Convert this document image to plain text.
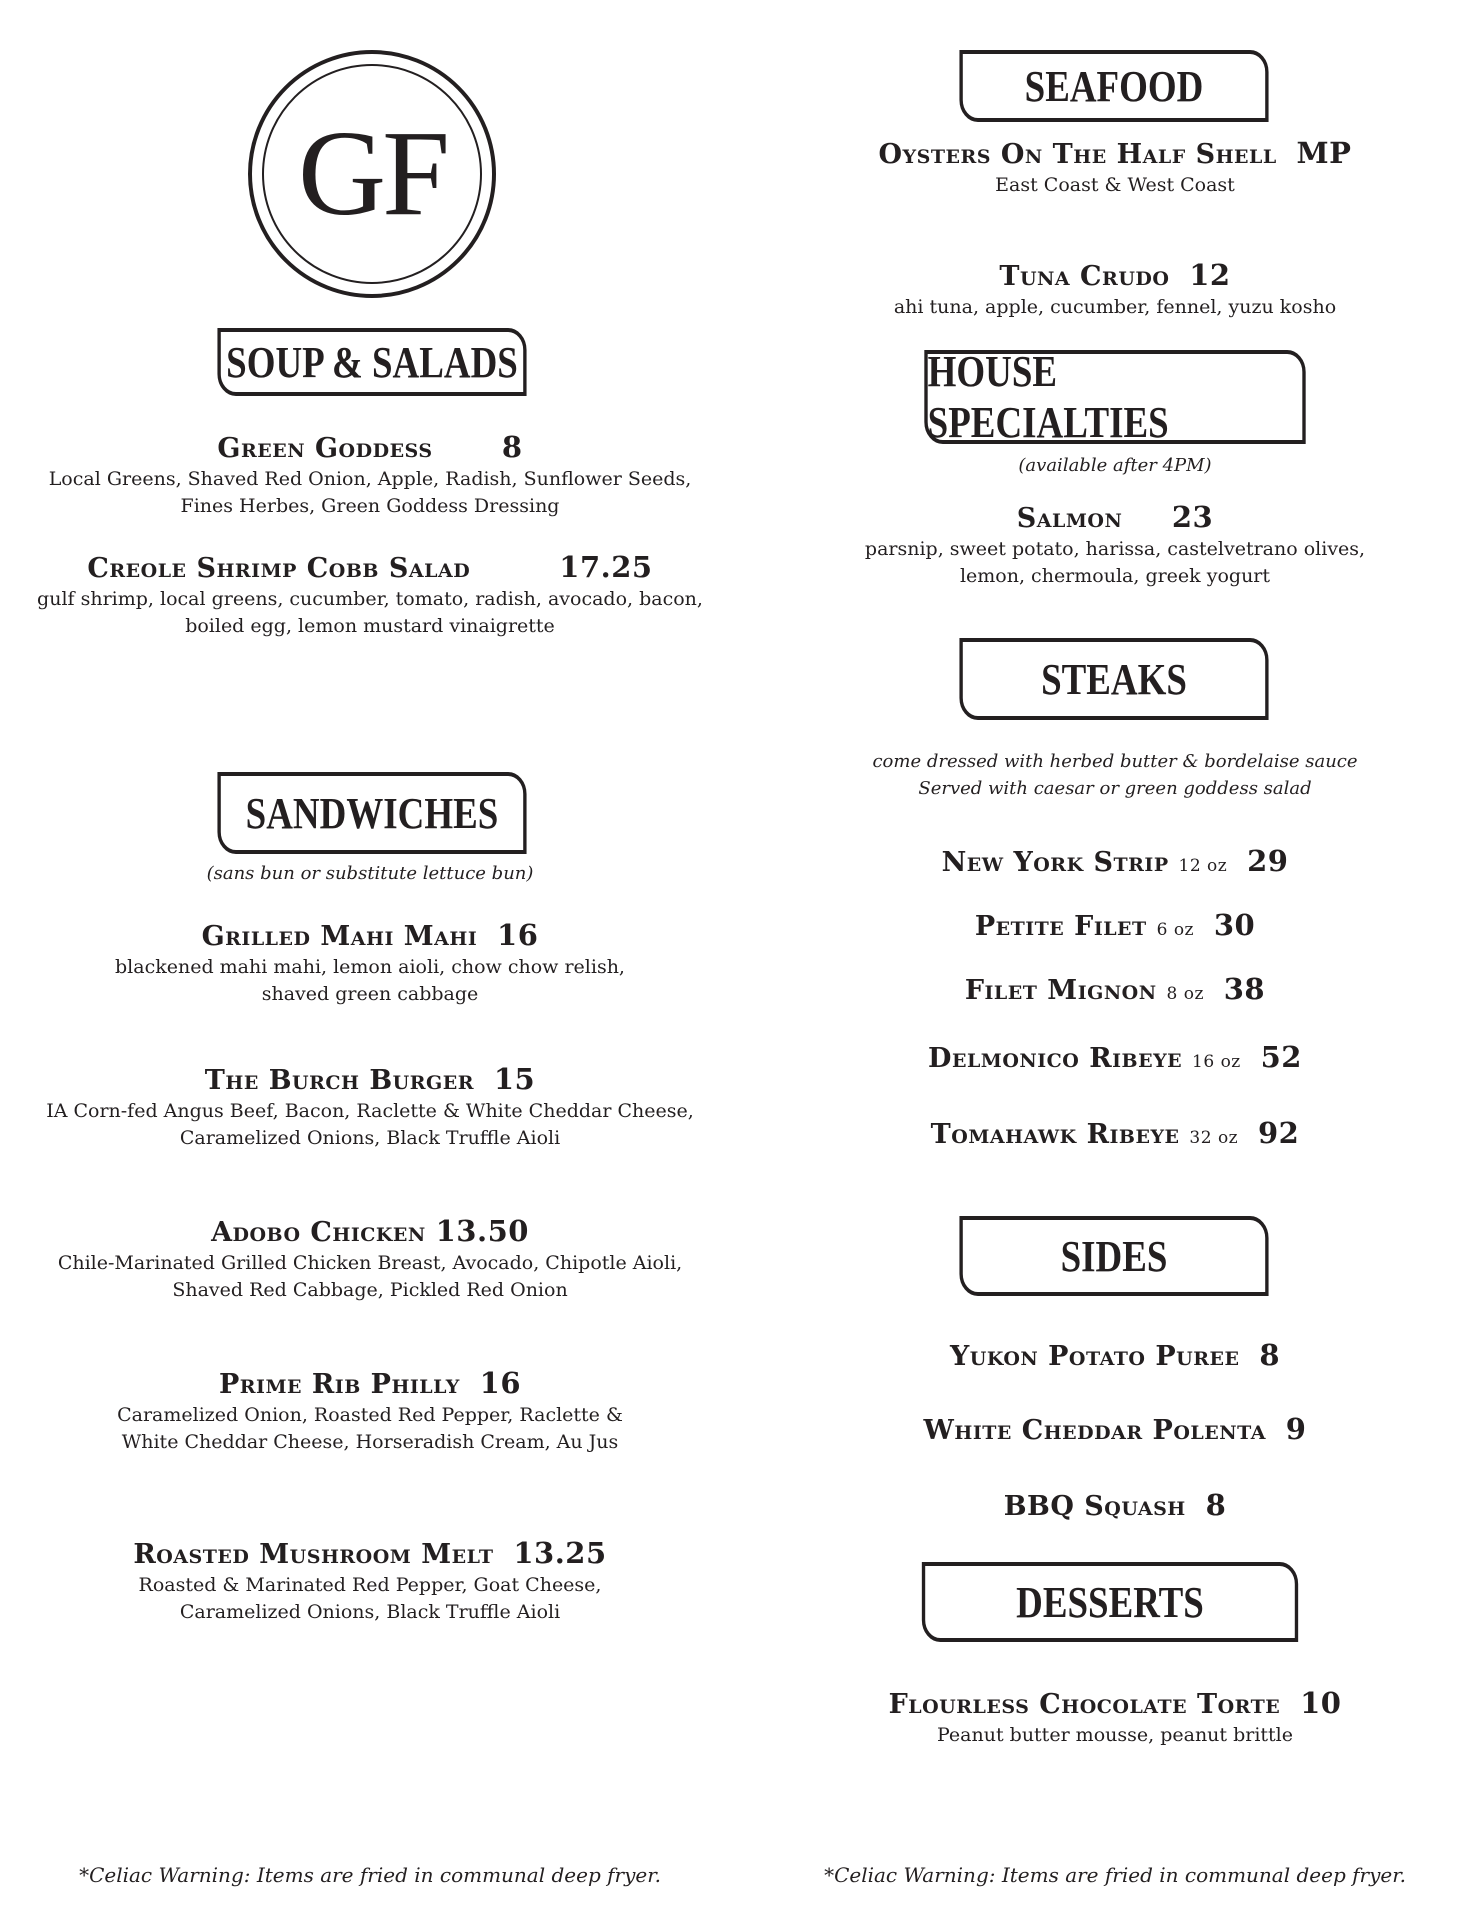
GF
SOUP & SALADS
Green Goddess 8
Local Greens, Shaved Red Onion, Apple, Radish, Sunflower Seeds,
Fines Herbes, Green Goddess Dressing
Creole Shrimp Cobb Salad	17.25
gulf shrimp, local greens, cucumber, tomato, radish, avocado, bacon,
boiled egg, lemon mustard vinaigrette
SANDWICHES
(sans bun or substitute lettuce bun)
Grilled Mahi Mahi 16
blackened mahi mahi, lemon aioli, chow chow relish,
shaved green cabbage
The Burch Burger 15
IA Corn-fed Angus Beef, Bacon, Raclette & White Cheddar Cheese,
Caramelized Onions, Black Truffle Aioli
Adobo Chicken 13.50
Chile-Marinated Grilled Chicken Breast, Avocado, Chipotle Aioli,
Shaved Red Cabbage, Pickled Red Onion
Prime Rib Philly 16
Caramelized Onion, Roasted Red Pepper, Raclette &
White Cheddar Cheese, Horseradish Cream, Au Jus
Roasted Mushroom Melt 13.25
Roasted & Marinated Red Pepper, Goat Cheese,
Caramelized Onions, Black Truffle Aioli
*Celiac Warning: Items are fried in communal deep fryer.
SEAFOOD
Oysters On The Half Shell MP
East Coast & West Coast
Tuna Crudo 12
ahi tuna, apple, cucumber, fennel, yuzu kosho
HOUSE SPECIALTIES
(available after 4PM)
Salmon 23
parsnip, sweet potato, harissa, castelvetrano olives,
lemon, chermoula, greek yogurt
STEAKS
come dressed with herbed butter & bordelaise sauce
Served with caesar or green goddess salad
New York Strip 12 oz 29
Petite Filet 6 oz 30
Filet Mignon 8 oz 38
Delmonico Ribeye 16 oz 52
Tomahawk Ribeye 32 oz 92
SIDES
Yukon Potato Puree 8
White Cheddar Polenta 9
BBQ Squash 8
DESSERTS
Flourless Chocolate Torte 10
Peanut butter mousse, peanut brittle
*Celiac Warning: Items are fried in communal deep fryer.
